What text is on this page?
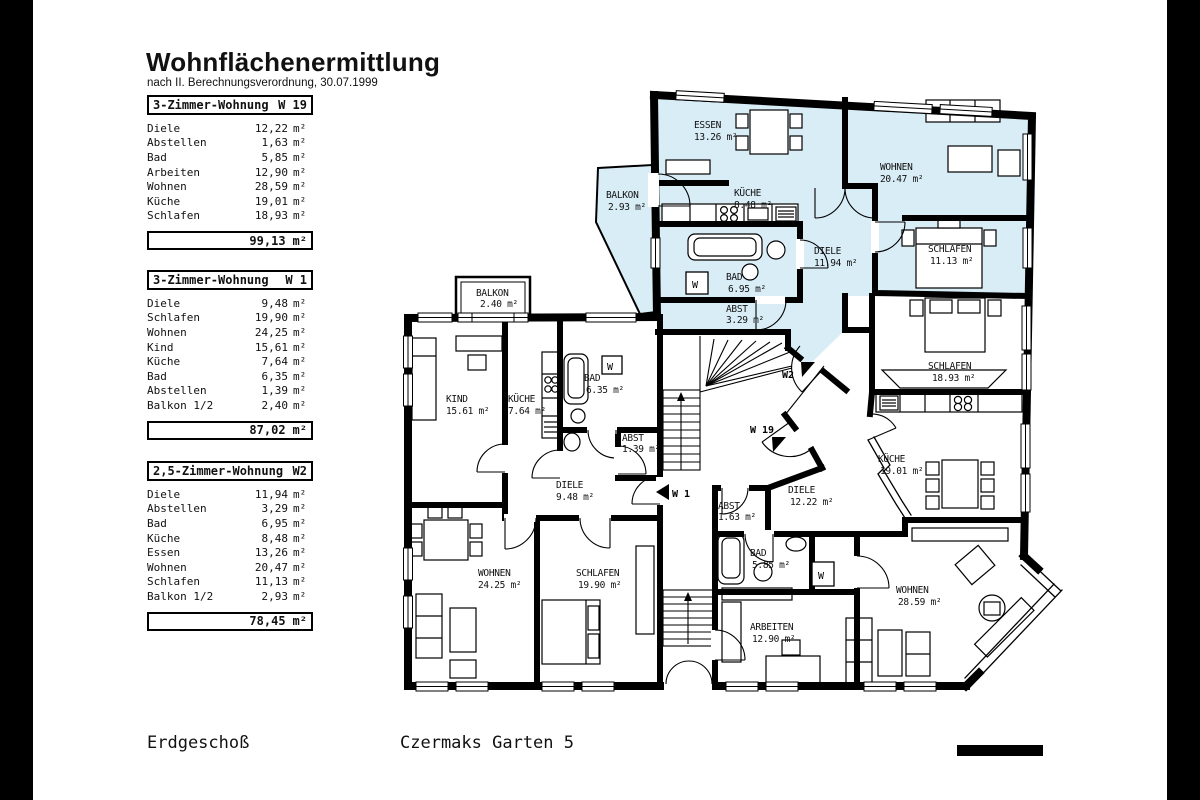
Wohnflächenermittlung
nach II. Berechnungsverordnung, 30.07.1999
3-Zimmer-Wohnung W 19
Diele	12,22 m²
Abstellen	1,63 m²
Bad	5,85 m²
Arbeiten	12,90 m²
Wohnen	28,59 m²
Küche	19,01 m²
Schlafen	18,93 m²
99,13 m²
3-Zimmer-Wohnung W 1
Diele	9,48 m²
Schlafen	19,90 m²
Wohnen	24,25 m²
Kind	15,61 m²
Küche	7,64 m²
Bad	6,35 m²
Abstellen	1,39 m²
Balkon 1/2	2,40 m²
87,02 m²
2,5-Zimmer-Wohnung W2
Diele	11,94 m²
Abstellen	3,29 m²
Bad	6,95 m²
Küche	8,48 m²
Essen	13,26 m²
Wohnen	20,47 m²
Schlafen	11,13 m²
Balkon 1/2	2,93 m²
78,45 m²
W
W
W
W2
W 19
W 1
ESSEN 13.26 m²
KÜCHE 8.48 m²
WOHNEN 20.47 m²
SCHLAFEN 11.13 m²
BAD 6.95 m²
DIELE 11.94 m²
ABST 3.29 m²
BALKON 2.93 m²
BALKON 2.40 m²
KIND 15.61 m²
KÜCHE 7.64 m²
BAD 6.35 m²
ABST 1.39 m²
DIELE 9.48 m²
WOHNEN 24.25 m²
SCHLAFEN 19.90 m²
SCHLAFEN 18.93 m²
KÜCHE 19.01 m²
DIELE 12.22 m²
ABST 1.63 m²
BAD 5.85 m²
ARBEITEN 12.90 m²
WOHNEN 28.59 m²
Erdgeschoß	Czermaks Garten 5
